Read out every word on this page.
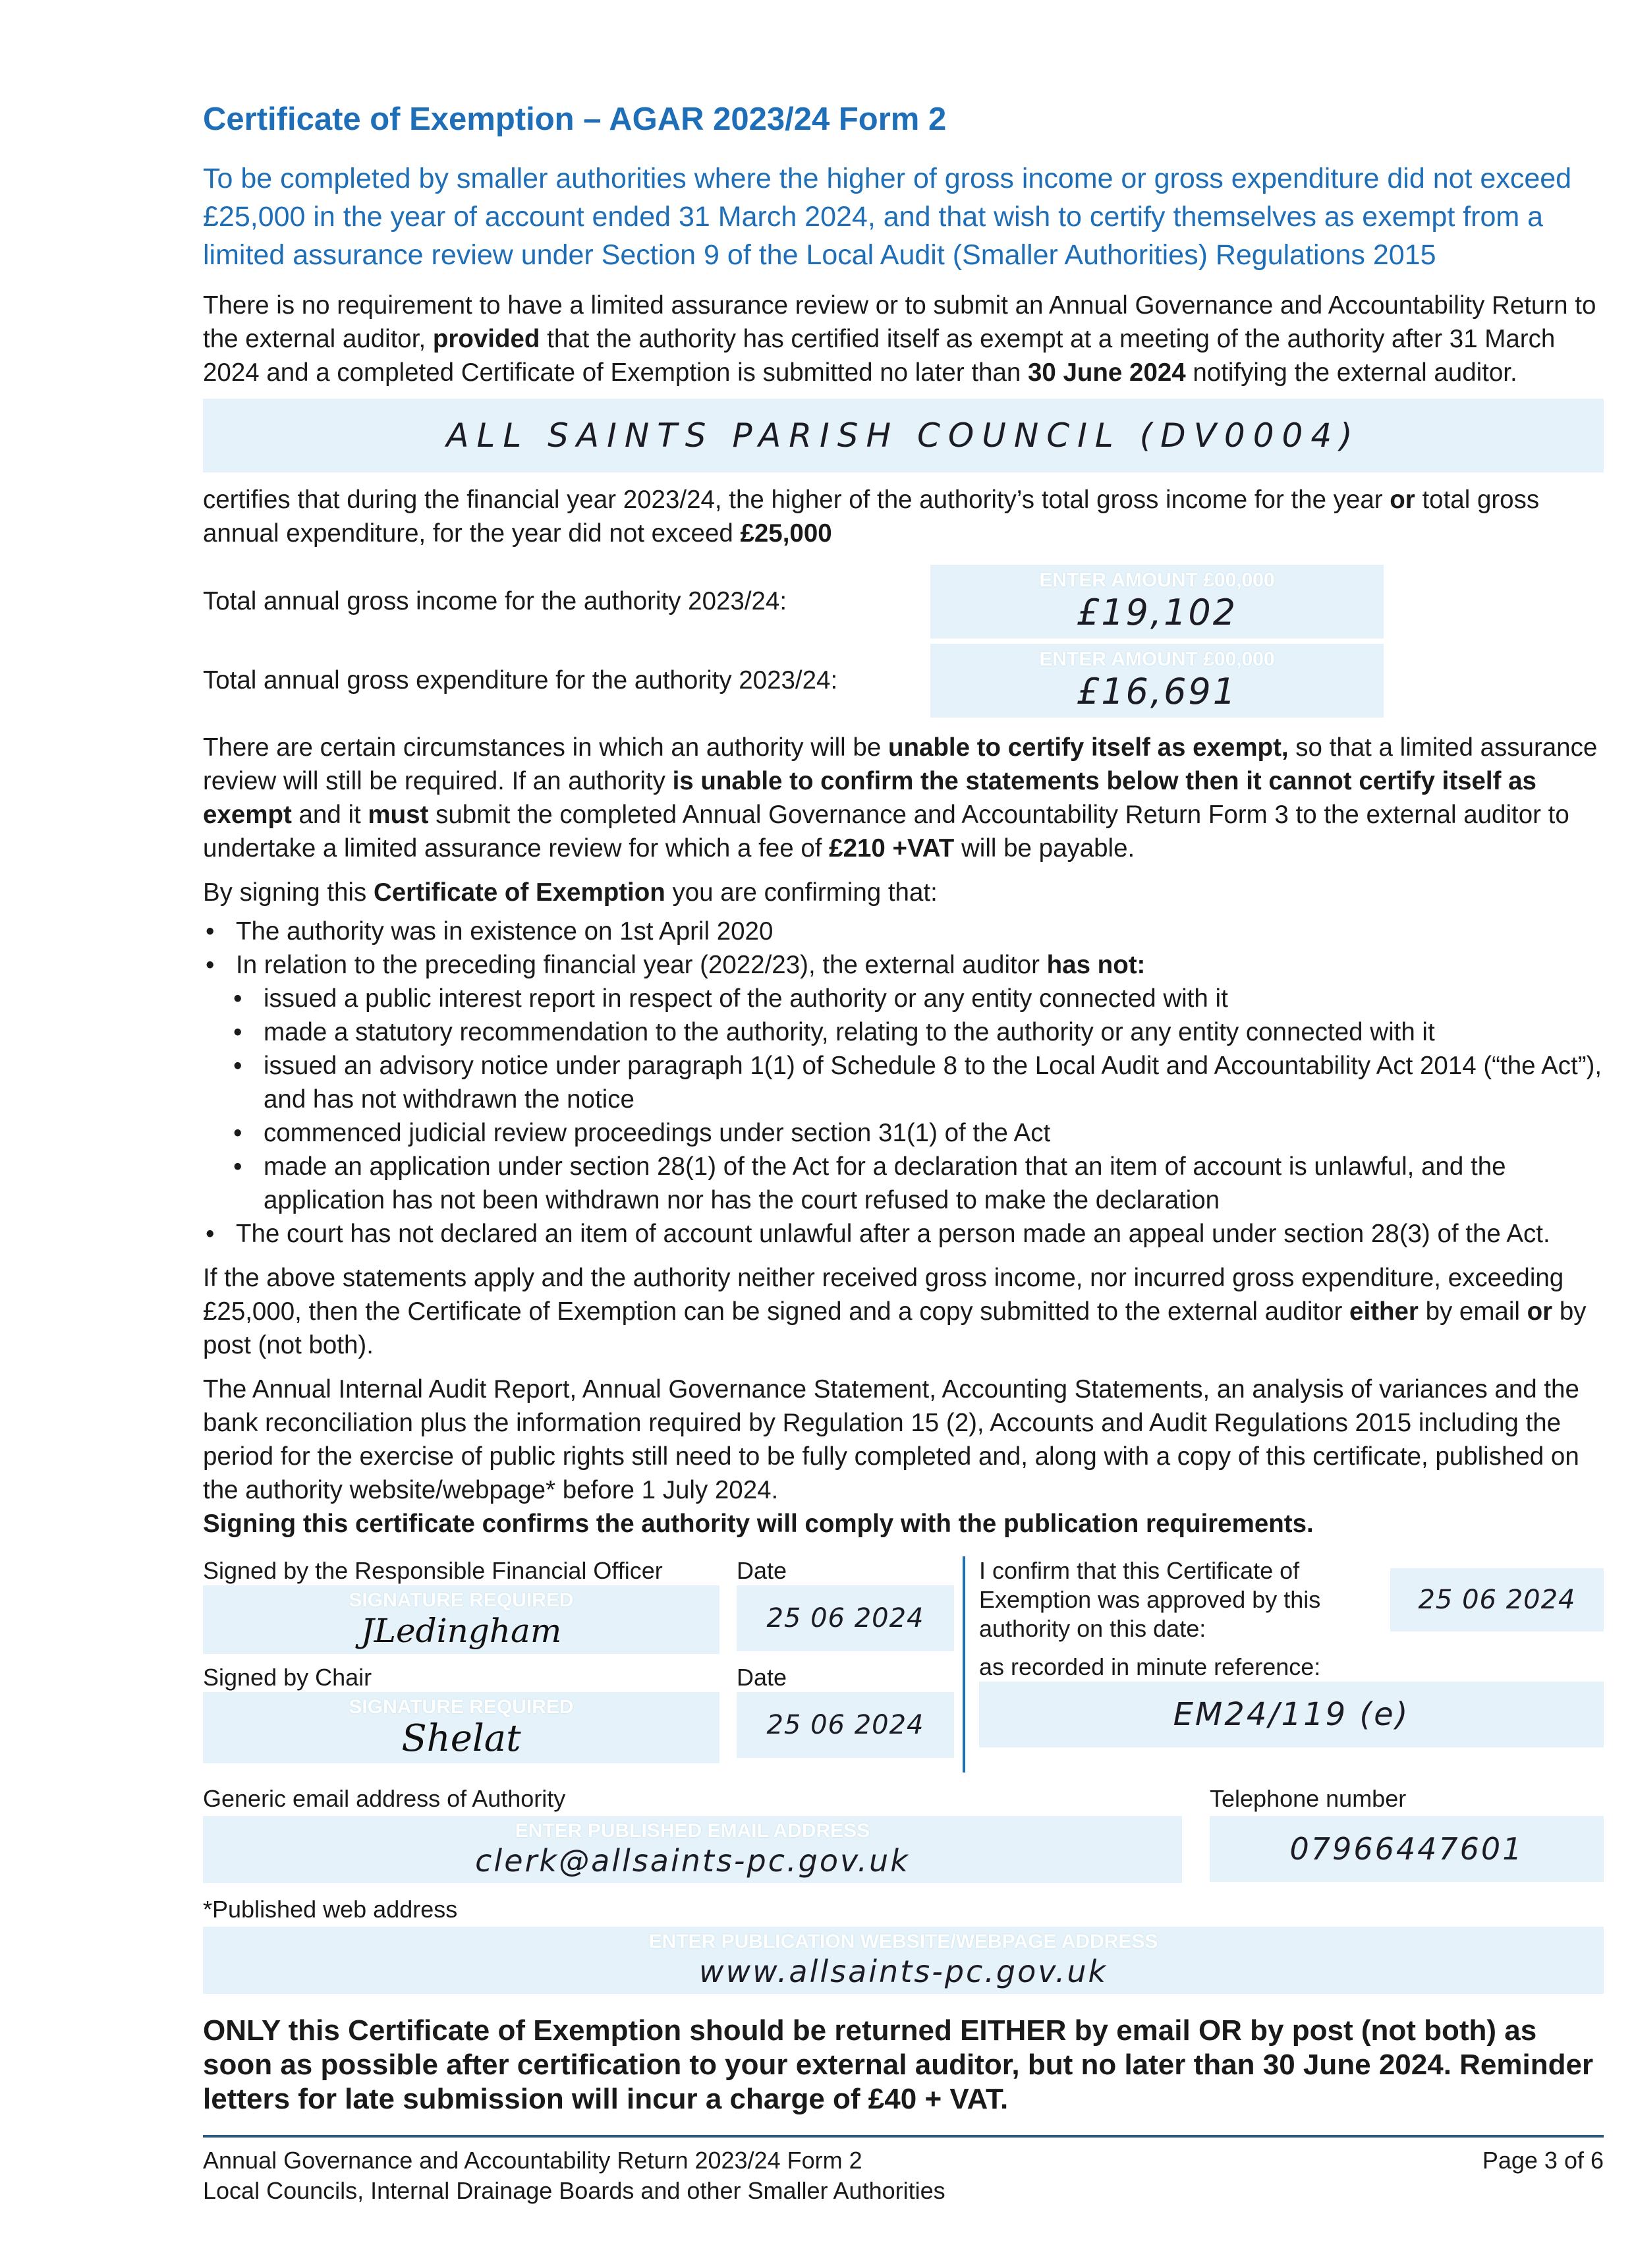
Certificate of Exemption – AGAR 2023/24 Form 2
To be completed by smaller authorities where the higher of gross income or gross expenditure did not exceed £25,000 in the year of account ended 31 March 2024, and that wish to certify themselves as exempt from a limited assurance review under Section 9 of the Local Audit (Smaller Authorities) Regulations 2015
There is no requirement to have a limited assurance review or to submit an Annual Governance and Accountability Return to the external auditor, provided that the authority has certified itself as exempt at a meeting of the authority after 31 March 2024 and a completed Certificate of Exemption is submitted no later than 30 June 2024 notifying the external auditor.
ALL SAINTS PARISH COUNCIL (DV0004)
certifies that during the financial year 2023/24, the higher of the authority’s total gross income for the year or total gross annual expenditure, for the year did not exceed £25,000
Total annual gross income for the authority 2023/24:
ENTER AMOUNT £00,000
£19,102
Total annual gross expenditure for the authority 2023/24:
ENTER AMOUNT £00,000
£16,691
There are certain circumstances in which an authority will be unable to certify itself as exempt, so that a limited assurance review will still be required. If an authority is unable to confirm the statements below then it cannot certify itself as exempt and it must submit the completed Annual Governance and Accountability Return Form 3 to the external auditor to undertake a limited assurance review for which a fee of £210 +VAT will be payable.
By signing this Certificate of Exemption you are confirming that:
• The authority was in existence on 1st April 2020
• In relation to the preceding financial year (2022/23), the external auditor has not:
• issued a public interest report in respect of the authority or any entity connected with it
• made a statutory recommendation to the authority, relating to the authority or any entity connected with it
• issued an advisory notice under paragraph 1(1) of Schedule 8 to the Local Audit and Accountability Act 2014 (“the Act”), and has not withdrawn the notice
• commenced judicial review proceedings under section 31(1) of the Act
• made an application under section 28(1) of the Act for a declaration that an item of account is unlawful, and the application has not been withdrawn nor has the court refused to make the declaration
• The court has not declared an item of account unlawful after a person made an appeal under section 28(3) of the Act.
If the above statements apply and the authority neither received gross income, nor incurred gross expenditure, exceeding £25,000, then the Certificate of Exemption can be signed and a copy submitted to the external auditor either by email or by post (not both).
The Annual Internal Audit Report, Annual Governance Statement, Accounting Statements, an analysis of variances and the bank reconciliation plus the information required by Regulation 15 (2), Accounts and Audit Regulations 2015 including the period for the exercise of public rights still need to be fully completed and, along with a copy of this certificate, published on the authority website/webpage* before 1 July 2024.
Signing this certificate confirms the authority will comply with the publication requirements.
Signed by the Responsible Financial Officer
SIGNATURE REQUIRED
JLedingham
Date
25 06 2024
Signed by Chair
SIGNATURE REQUIRED
Shelat
Date
25 06 2024
I confirm that this Certificate of Exemption was approved by this authority on this date:
25 06 2024
as recorded in minute reference:
EM24/119 (e)
Generic email address of Authority
ENTER PUBLISHED EMAIL ADDRESS
clerk@allsaints-pc.gov.uk
Telephone number
07966447601
*Published web address
ENTER PUBLICATION WEBSITE/WEBPAGE ADDRESS
www.allsaints-pc.gov.uk
ONLY this Certificate of Exemption should be returned EITHER by email OR by post (not both) as soon as possible after certification to your external auditor, but no later than 30 June 2024. Reminder letters for late submission will incur a charge of £40 + VAT.
Annual Governance and Accountability Return 2023/24 Form 2
Local Councils, Internal Drainage Boards and other Smaller Authorities
Page 3 of 6
